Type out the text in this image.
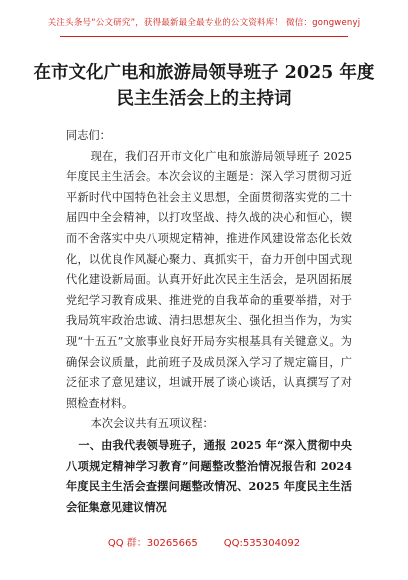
关注头条号“公文研究”，获得最新最全最专业的公文资料库！ 微信：gongwenyj
在市文化广电和旅游局领导班子 2025 年度民主生活会上的主持词

同志们：

现在，我们召开市文化广电和旅游局领导班子 2025 年度民主生活会。本次会议的主题是：深入学习贯彻习近平新时代中国特色社会主义思想，全面贯彻落实党的二十届四中全会精神，以打攻坚战、持久战的决心和恒心，锲而不舍落实中央八项规定精神，推进作风建设常态化长效化，以优良作风凝心聚力、真抓实干，奋力开创中国式现代化建设新局面。认真开好此次民主生活会，是巩固拓展党纪学习教育成果、推进党的自我革命的重要举措，对于我局筑牢政治忠诚、清扫思想灰尘、强化担当作为，为实现“十五五”文旅事业良好开局夯实根基具有关键意义。为确保会议质量，此前班子及成员深入学习了规定篇目，广泛征求了意见建议，坦诚开展了谈心谈话，认真撰写了对照检查材料。

本次会议共有五项议程：

一、由我代表领导班子，通报 2025 年“深入贯彻中央八项规定精神学习教育”问题整改整治情况报告和 2024 年度民主生活会查摆问题整改情况、2025 年度民主生活会征集意见建议情况

QQ 群：30265665	QQ:535304092
